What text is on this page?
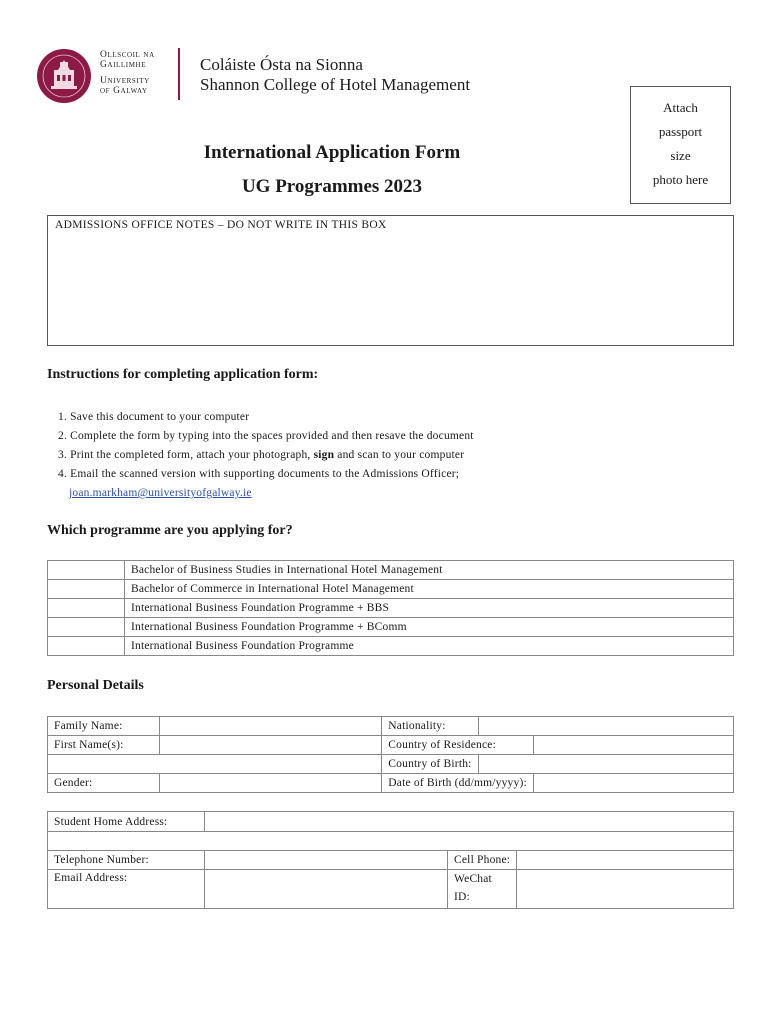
Ollscoil na
Gaillimhe
University
of Galway
Coláiste Ósta na Sionna
Shannon College of Hotel Management
Attach
passport
size
photo here
International Application Form
UG Programmes 2023
ADMISSIONS OFFICE NOTES – DO NOT WRITE IN THIS BOX
Instructions for completing application form:
1. Save this document to your computer
2. Complete the form by typing into the spaces provided and then resave the document
3. Print the completed form, attach your photograph, sign and scan to your computer
4. Email the scanned version with supporting documents to the Admissions Officer;
joan.markham@universityofgalway.ie
Which programme are you applying for?
	Bachelor of Business Studies in International Hotel Management
	Bachelor of Commerce in International Hotel Management
	International Business Foundation Programme + BBS
	International Business Foundation Programme + BComm
	International Business Foundation Programme
Personal Details
Family Name:		Nationality:		
First Name(s):		Country of Residence:		
		Country of Birth:		
Gender:		Date of Birth (dd/mm/yyyy):		
Student Home Address:			

Telephone Number:		Cell Phone:	
Email Address:		WeChat
ID:	
